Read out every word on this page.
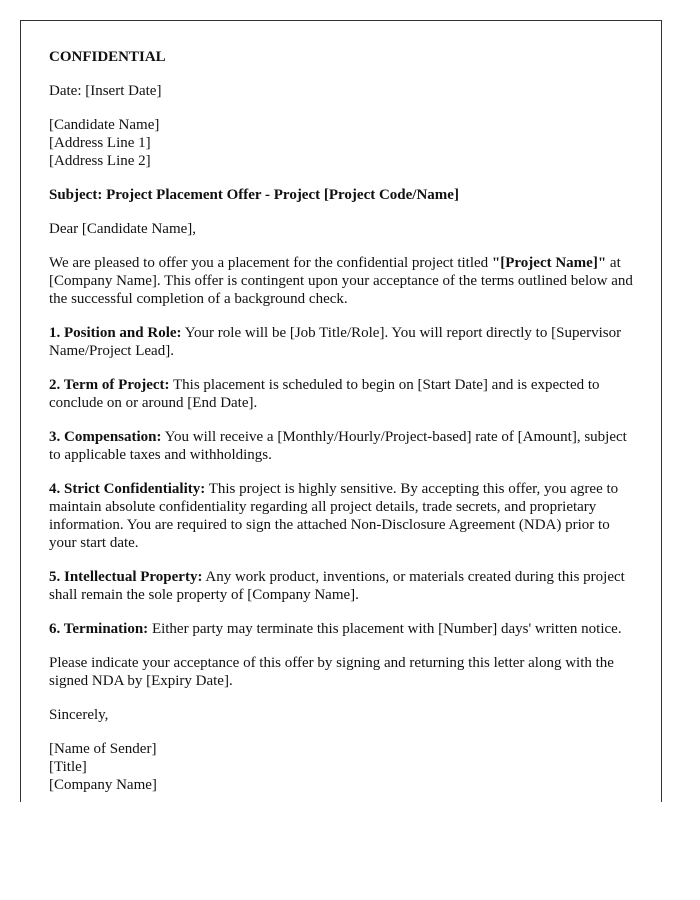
CONFIDENTIAL

Date: [Insert Date]

[Candidate Name]
[Address Line 1]
[Address Line 2]

Subject: Project Placement Offer - Project [Project Code/Name]

Dear [Candidate Name],

We are pleased to offer you a placement for the confidential project titled "[Project Name]" at [Company Name]. This offer is contingent upon your acceptance of the terms outlined below and the successful completion of a background check.

1. Position and Role: Your role will be [Job Title/Role]. You will report directly to [Supervisor Name/Project Lead].

2. Term of Project: This placement is scheduled to begin on [Start Date] and is expected to conclude on or around [End Date].

3. Compensation: You will receive a [Monthly/Hourly/Project-based] rate of [Amount], subject to applicable taxes and withholdings.

4. Strict Confidentiality: This project is highly sensitive. By accepting this offer, you agree to maintain absolute confidentiality regarding all project details, trade secrets, and proprietary information. You are required to sign the attached Non-Disclosure Agreement (NDA) prior to your start date.

5. Intellectual Property: Any work product, inventions, or materials created during this project shall remain the sole property of [Company Name].

6. Termination: Either party may terminate this placement with [Number] days' written notice.

Please indicate your acceptance of this offer by signing and returning this letter along with the signed NDA by [Expiry Date].

Sincerely,

[Name of Sender]
[Title]
[Company Name]
